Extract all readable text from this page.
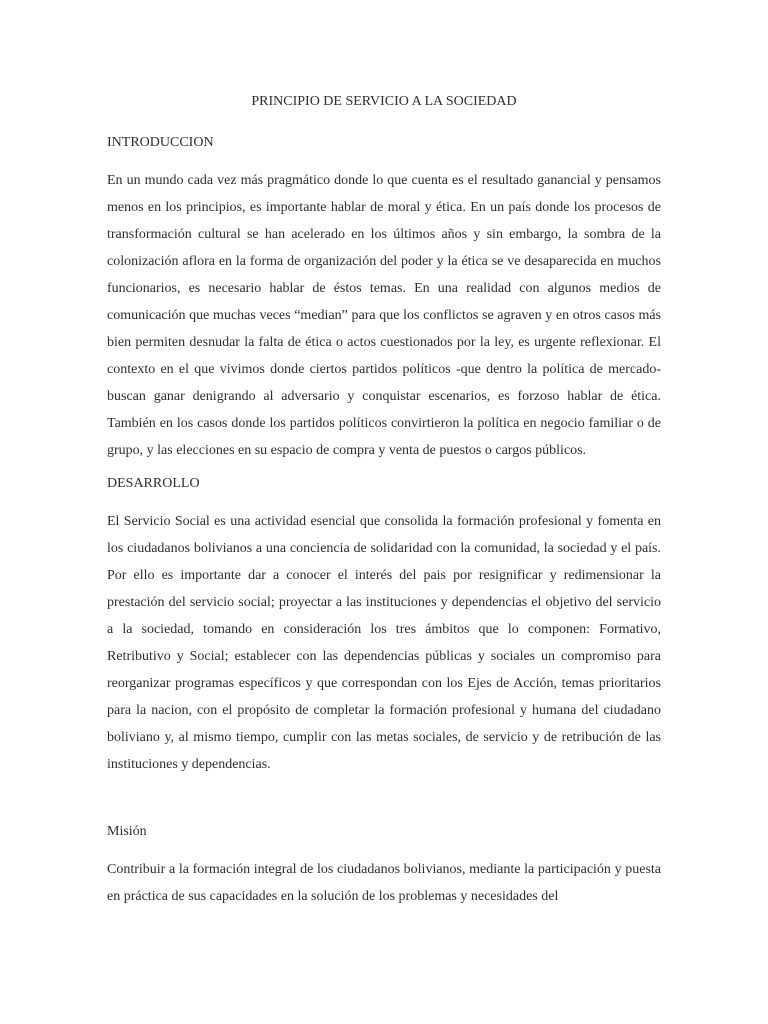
PRINCIPIO DE SERVICIO A LA SOCIEDAD
INTRODUCCION

En un mundo cada vez más pragmático donde lo que cuenta es el resultado ganancial y pensamos menos en los principios, es importante hablar de moral y ética. En un país donde los procesos de transformación cultural se han acelerado en los últimos años y sin embargo, la sombra de la colonización aflora en la forma de organización del poder y la ética se ve desaparecida en muchos funcionarios, es necesario hablar de éstos temas. En una realidad con algunos medios de comunicación que muchas veces “median” para que los conflictos se agraven y en otros casos más bien permiten desnudar la falta de ética o actos cuestionados por la ley, es urgente reflexionar. El contexto en el que vivimos donde ciertos partidos políticos -que dentro la política de mercado- buscan ganar denigrando al adversario y conquistar escenarios, es forzoso hablar de ética. También en los casos donde los partidos políticos convirtieron la política en negocio familiar o de grupo, y las elecciones en su espacio de compra y venta de puestos o cargos públicos.

DESARROLLO

El Servicio Social es una actividad esencial que consolida la formación profesional y fomenta en los ciudadanos bolivianos a una conciencia de solidaridad con la comunidad, la sociedad y el país. Por ello es importante dar a conocer el interés del pais por resignificar y redimensionar la prestación del servicio social; proyectar a las instituciones y dependencias el objetivo del servicio a la sociedad, tomando en consideración los tres ámbitos que lo componen: Formativo, Retributivo y Social; establecer con las dependencias públicas y sociales un compromiso para reorganizar programas específicos y que correspondan con los Ejes de Acción, temas prioritarios para la nacion, con el propósito de completar la formación profesional y humana del ciudadano boliviano y, al mismo tiempo, cumplir con las metas sociales, de servicio y de retribución de las instituciones y dependencias.

Misión

Contribuir a la formación integral de los ciudadanos bolivianos, mediante la participación y puesta en práctica de sus capacidades en la solución de los problemas y necesidades del
